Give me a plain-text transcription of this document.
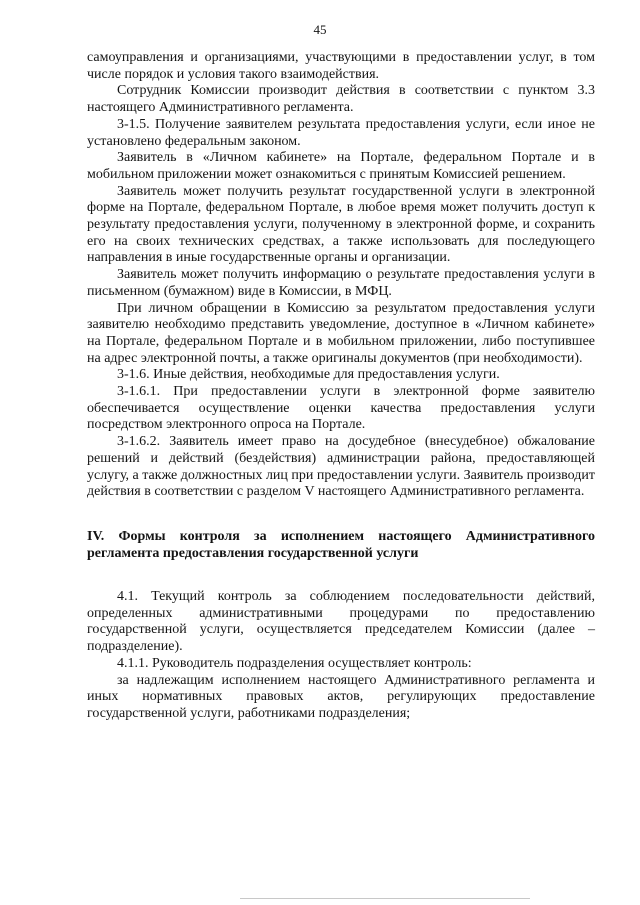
45

самоуправления и организациями, участвующими в предоставлении услуг, в том числе порядок и условия такого взаимодействия.

Сотрудник Комиссии производит действия в соответствии с пунктом 3.3 настоящего Административного регламента.

3-1.5. Получение заявителем результата предоставления услуги, если иное не установлено федеральным законом.

Заявитель в «Личном кабинете» на Портале, федеральном Портале и в мобильном приложении может ознакомиться с принятым Комиссией решением.

Заявитель может получить результат государственной услуги в электронной форме на Портале, федеральном Портале, в любое время может получить доступ к результату предоставления услуги, полученному в электронной форме, и сохранить его на своих технических средствах, а также использовать для последующего направления в иные государственные органы и организации.

Заявитель может получить информацию о результате предоставления услуги в письменном (бумажном) виде в Комиссии, в МФЦ.

При личном обращении в Комиссию за результатом предоставления услуги заявителю необходимо представить уведомление, доступное в «Личном кабинете» на Портале, федеральном Портале и в мобильном приложении, либо поступившее на адрес электронной почты, а также оригиналы документов (при необходимости).

3-1.6. Иные действия, необходимые для предоставления услуги.

3-1.6.1. При предоставлении услуги в электронной форме заявителю обеспечивается осуществление оценки качества предоставления услуги посредством электронного опроса на Портале.

3-1.6.2. Заявитель имеет право на досудебное (внесудебное) обжалование решений и действий (бездействия) администрации района, предоставляющей услугу, а также должностных лиц при предоставлении услуги. Заявитель производит действия в соответствии с разделом V настоящего Административного регламента.

IV. Формы контроля за исполнением настоящего Административного регламента предоставления государственной услуги

4.1. Текущий контроль за соблюдением последовательности действий, определенных административными процедурами по предоставлению государственной услуги, осуществляется председателем Комиссии (далее – подразделение).

4.1.1. Руководитель подразделения осуществляет контроль:

за надлежащим исполнением настоящего Административного регламента и иных нормативных правовых актов, регулирующих предоставление государственной услуги, работниками подразделения;
